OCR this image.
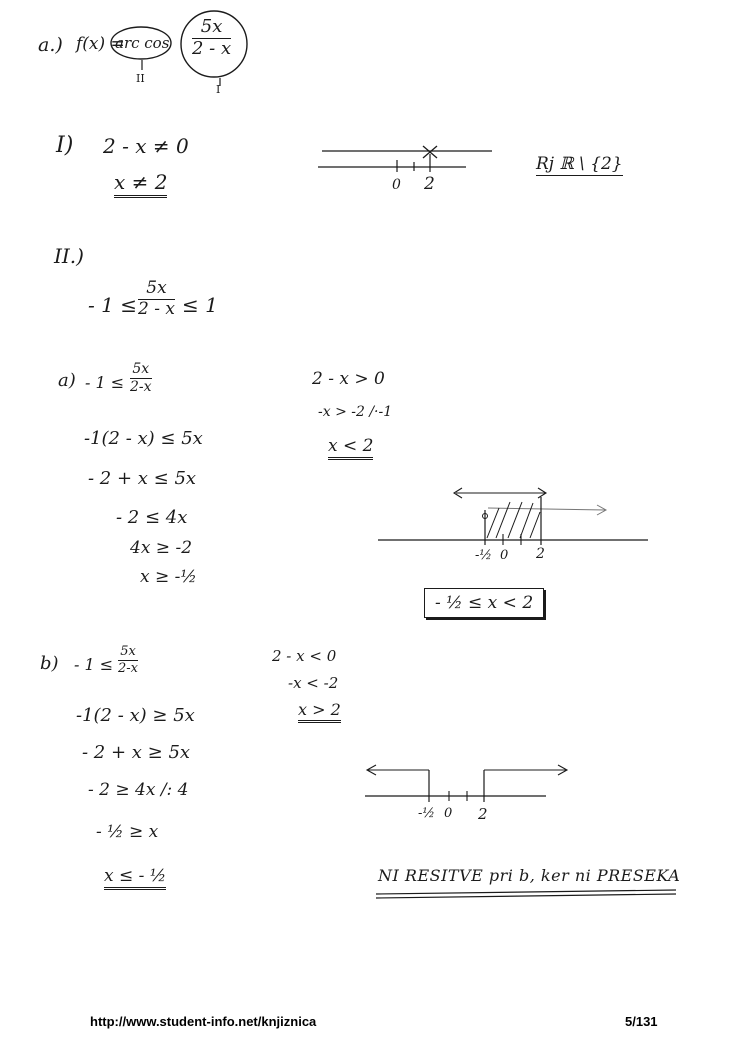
a.) f(x) =
arc cos
5x
2 - x
II
I
I) 2 - x ≠ 0
x ≠ 2	0 2
Rj ℝ \ {2}
II.)
- 1 ≤
5x
2 - x ≤ 1
a) - 1 ≤
5x
2-x
-1(2 - x) ≤ 5x
- 2 + x ≤ 5x
- 2 ≤ 4x
4x ≥ -2
x ≥ -½
2 - x > 0
-x > -2 /·-1
x < 2
-½ 0 2
- ½ ≤ x < 2
b) - 1 ≤
5x
2-x
-1(2 - x) ≥ 5x
- 2 + x ≥ 5x
- 2 ≥ 4x /: 4
- ½ ≥ x
x ≤ - ½
2 - x < 0
-x < -2
x > 2
-½ 0 2
NI RESITVE pri b, ker ni PRESEKA
http://www.student-info.net/knjiznica	5/131
